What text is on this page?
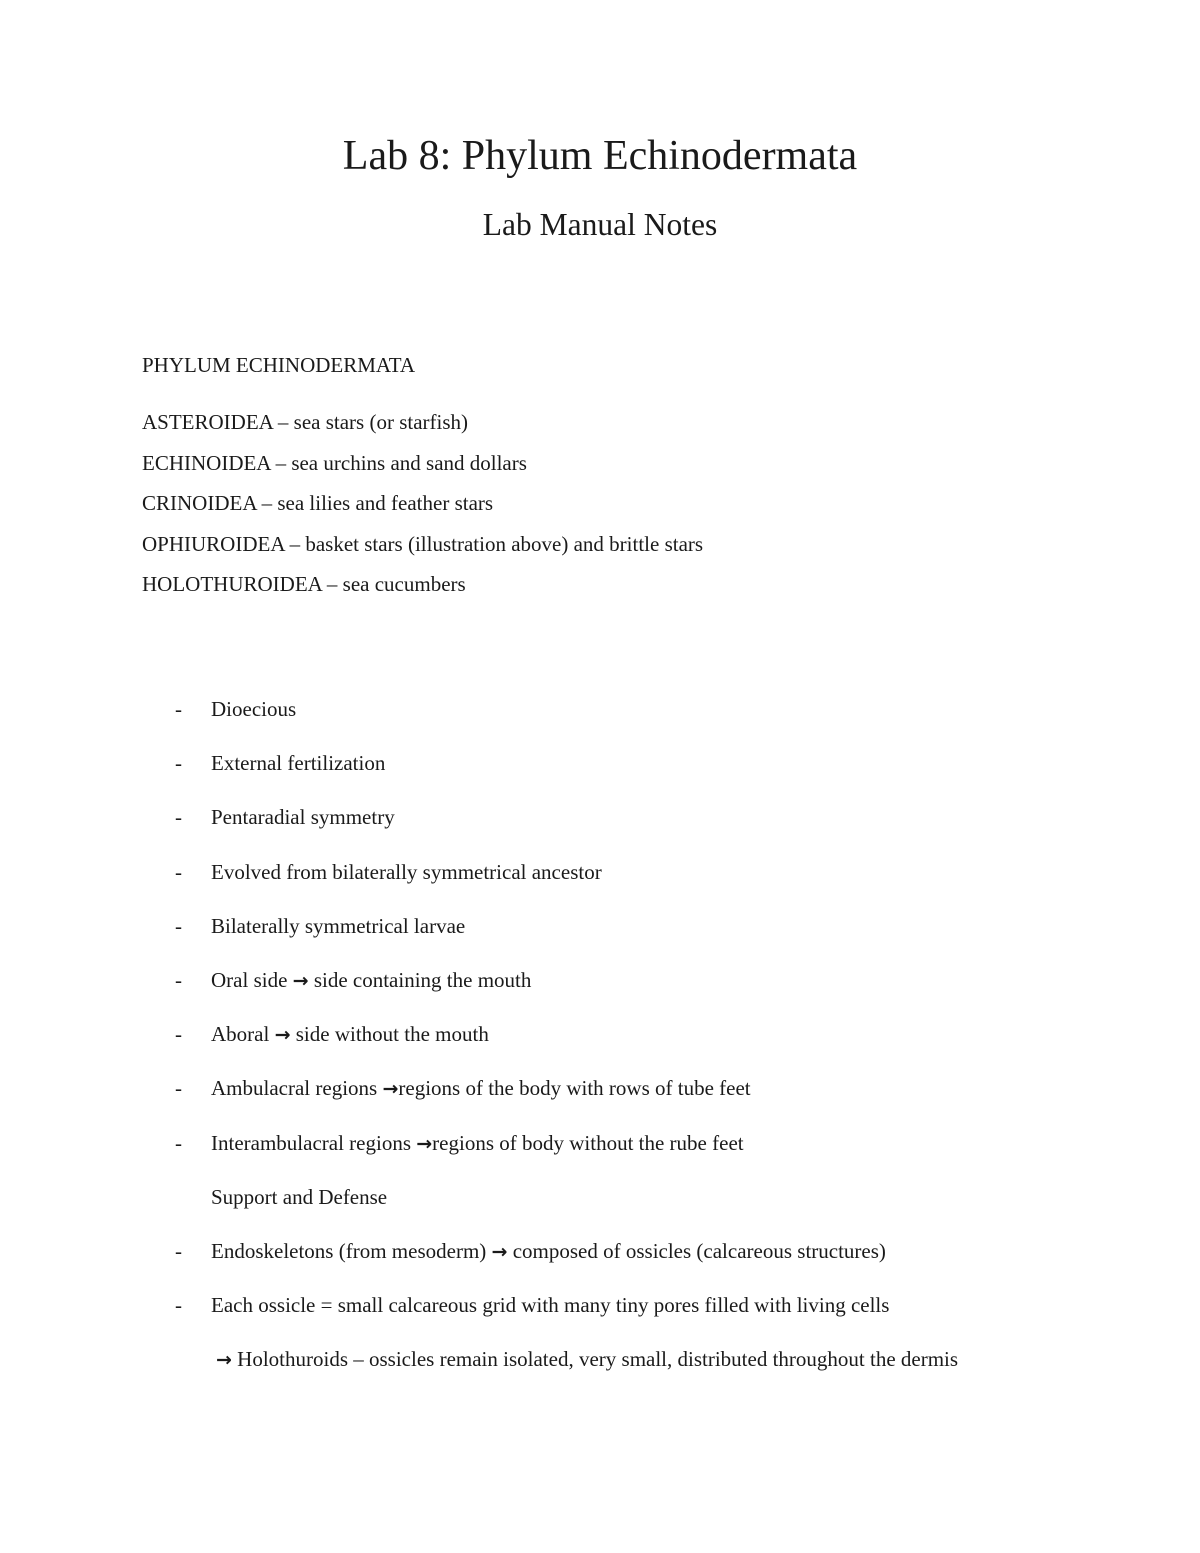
Lab 8: Phylum Echinodermata
Lab Manual Notes
PHYLUM ECHINODERMATA
ASTEROIDEA – sea stars (or starfish)
ECHINOIDEA – sea urchins and sand dollars
CRINOIDEA – sea lilies and feather stars
OPHIUROIDEA – basket stars (illustration above) and brittle stars
HOLOTHUROIDEA – sea cucumbers
-	Dioecious
-	External fertilization
-	Pentaradial symmetry
-	Evolved from bilaterally symmetrical ancestor
-	Bilaterally symmetrical larvae
-	Oral side → side containing the mouth
-	Aboral → side without the mouth
-	Ambulacral regions →regions of the body with rows of tube feet
-	Interambulacral regions →regions of body without the rube feet
Support and Defense
-	Endoskeletons (from mesoderm) → composed of ossicles (calcareous structures)
-	Each ossicle = small calcareous grid with many tiny pores filled with living cells
→ Holothuroids – ossicles remain isolated, very small, distributed throughout the dermis
